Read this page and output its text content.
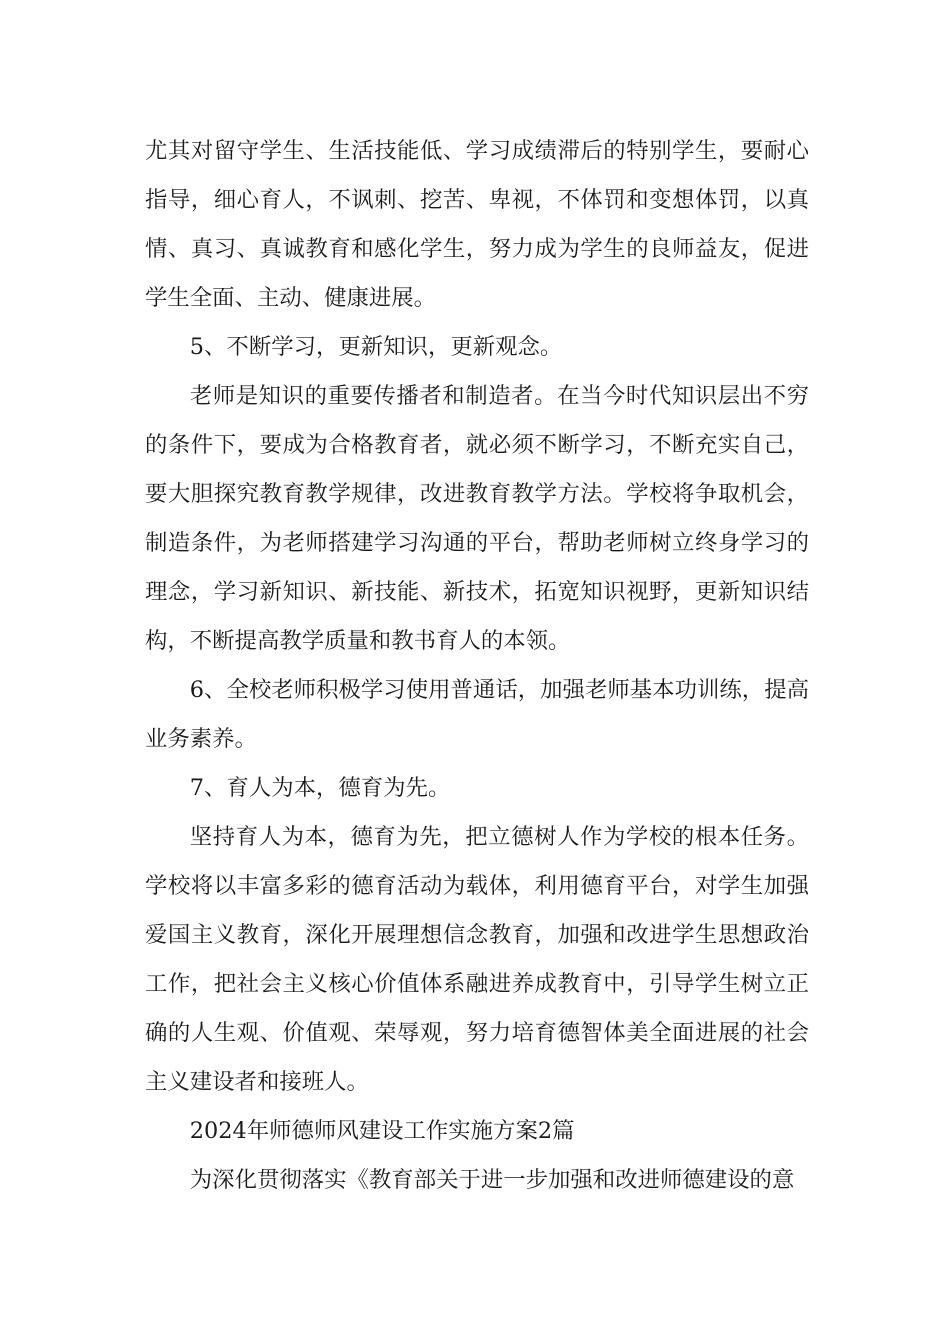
尤其对留守学生、生活技能低、学习成绩滞后的特别学生，要耐心指导，细心育人，不讽刺、挖苦、卑视，不体罚和变想体罚，以真情、真习、真诚教育和感化学生，努力成为学生的良师益友，促进学生全面、主动、健康进展。

5、不断学习，更新知识，更新观念。

老师是知识的重要传播者和制造者。在当今时代知识层出不穷的条件下，要成为合格教育者，就必须不断学习，不断充实自己，要大胆探究教育教学规律，改进教育教学方法。学校将争取机会，制造条件，为老师搭建学习沟通的平台，帮助老师树立终身学习的理念，学习新知识、新技能、新技术，拓宽知识视野，更新知识结构，不断提高教学质量和教书育人的本领。

6、全校老师积极学习使用普通话，加强老师基本功训练，提高业务素养。

7、育人为本，德育为先。

坚持育人为本，德育为先，把立德树人作为学校的根本任务。学校将以丰富多彩的德育活动为载体，利用德育平台，对学生加强爱国主义教育，深化开展理想信念教育，加强和改进学生思想政治工作，把社会主义核心价值体系融进养成教育中，引导学生树立正确的人生观、价值观、荣辱观，努力培育德智体美全面进展的社会主义建设者和接班人。

2024年师德师风建设工作实施方案2篇

为深化贯彻落实《教育部关于进一步加强和改进师德建设的意
